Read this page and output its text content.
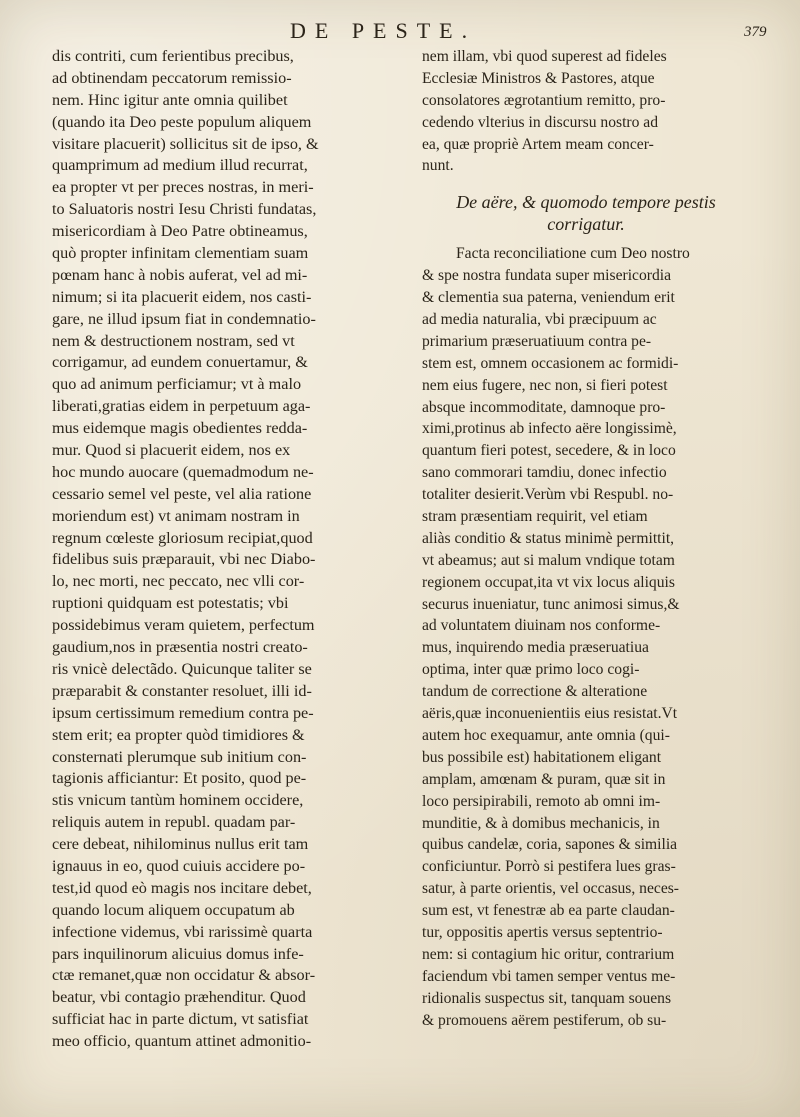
DE PESTE.	379
dis contriti, cum ferientibus precibus,
ad obtinendam peccatorum remissio-
nem. Hinc igitur ante omnia quilibet
(quando ita Deo peste populum aliquem
visitare placuerit) sollicitus sit de ipso, &
quamprimum ad medium illud recurrat,
ea propter vt per preces nostras, in meri-
to Saluatoris nostri Iesu Christi fundatas,
misericordiam à Deo Patre obtineamus,
quò propter infinitam clementiam suam
pœnam hanc à nobis auferat, vel ad mi-
nimum; si ita placuerit eidem, nos casti-
gare, ne illud ipsum fiat in condemnatio-
nem & destructionem nostram, sed vt
corrigamur, ad eundem conuertamur, &
quo ad animum perficiamur; vt à malo
liberati,gratias eidem in perpetuum aga-
mus eidemque magis obedientes redda-
mur. Quod si placuerit eidem, nos ex
hoc mundo auocare (quemadmodum ne-
cessario semel vel peste, vel alia ratione
moriendum est) vt animam nostram in
regnum cœleste gloriosum recipiat,quod
fidelibus suis præparauit, vbi nec Diabo-
lo, nec morti, nec peccato, nec vlli cor-
ruptioni quidquam est potestatis; vbi
possidebimus veram quietem, perfectum
gaudium,nos in præsentia nostri creato-
ris vnicè delectãdo. Quicunque taliter se
præparabit & constanter resoluet, illi id-
ipsum certissimum remedium contra pe-
stem erit; ea propter quòd timidiores &
consternati plerumque sub initium con-
tagionis afficiantur: Et posito, quod pe-
stis vnicum tantùm hominem occidere,
reliquis autem in republ. quadam par-
cere debeat, nihilominus nullus erit tam
ignauus in eo, quod cuiuis accidere po-
test,id quod eò magis nos incitare debet,
quando locum aliquem occupatum ab
infectione videmus, vbi rarissimè quarta
pars inquilinorum alicuius domus infe-
ctæ remanet,quæ non occidatur & absor-
beatur, vbi contagio præhenditur. Quod
sufficiat hac in parte dictum, vt satisfiat
meo officio, quantum attinet admonitio-
nem illam, vbi quod superest ad fideles
Ecclesiæ Ministros & Pastores, atque
consolatores ægrotantium remitto, pro-
cedendo vlterius in discursu nostro ad
ea, quæ propriè Artem meam concer-
nunt.
De aëre, & quomodo tempore pestis
corrigatur.
Facta reconciliatione cum Deo nostro
& spe nostra fundata super misericordia
& clementia sua paterna, veniendum erit
ad media naturalia, vbi præcipuum ac
primarium præseruatiuum contra pe-
stem est, omnem occasionem ac formidi-
nem eius fugere, nec non, si fieri potest
absque incommoditate, damnoque pro-
ximi,protinus ab infecto aëre longissimè,
quantum fieri potest, secedere, & in loco
sano commorari tamdiu, donec infectio
totaliter desierit.Verùm vbi Respubl. no-
stram præsentiam requirit, vel etiam
aliàs conditio & status minimè permittit,
vt abeamus; aut si malum vndique totam
regionem occupat,ita vt vix locus aliquis
securus inueniatur, tunc animosi simus,&
ad voluntatem diuinam nos conforme-
mus, inquirendo media præseruatiua
optima, inter quæ primo loco cogi-
tandum de correctione & alteratione
aëris,quæ inconuenientiis eius resistat.Vt
autem hoc exequamur, ante omnia (qui-
bus possibile est) habitationem eligant
amplam, amœnam & puram, quæ sit in
loco persipirabili, remoto ab omni im-
munditie, & à domibus mechanicis, in
quibus candelæ, coria, sapones & similia
conficiuntur. Porrò si pestifera lues gras-
satur, à parte orientis, vel occasus, neces-
sum est, vt fenestræ ab ea parte claudan-
tur, oppositis apertis versus septentrio-
nem: si contagium hic oritur, contrarium
faciendum vbi tamen semper ventus me-
ridionalis suspectus sit, tanquam souens
& promouens aërem pestiferum, ob su-
